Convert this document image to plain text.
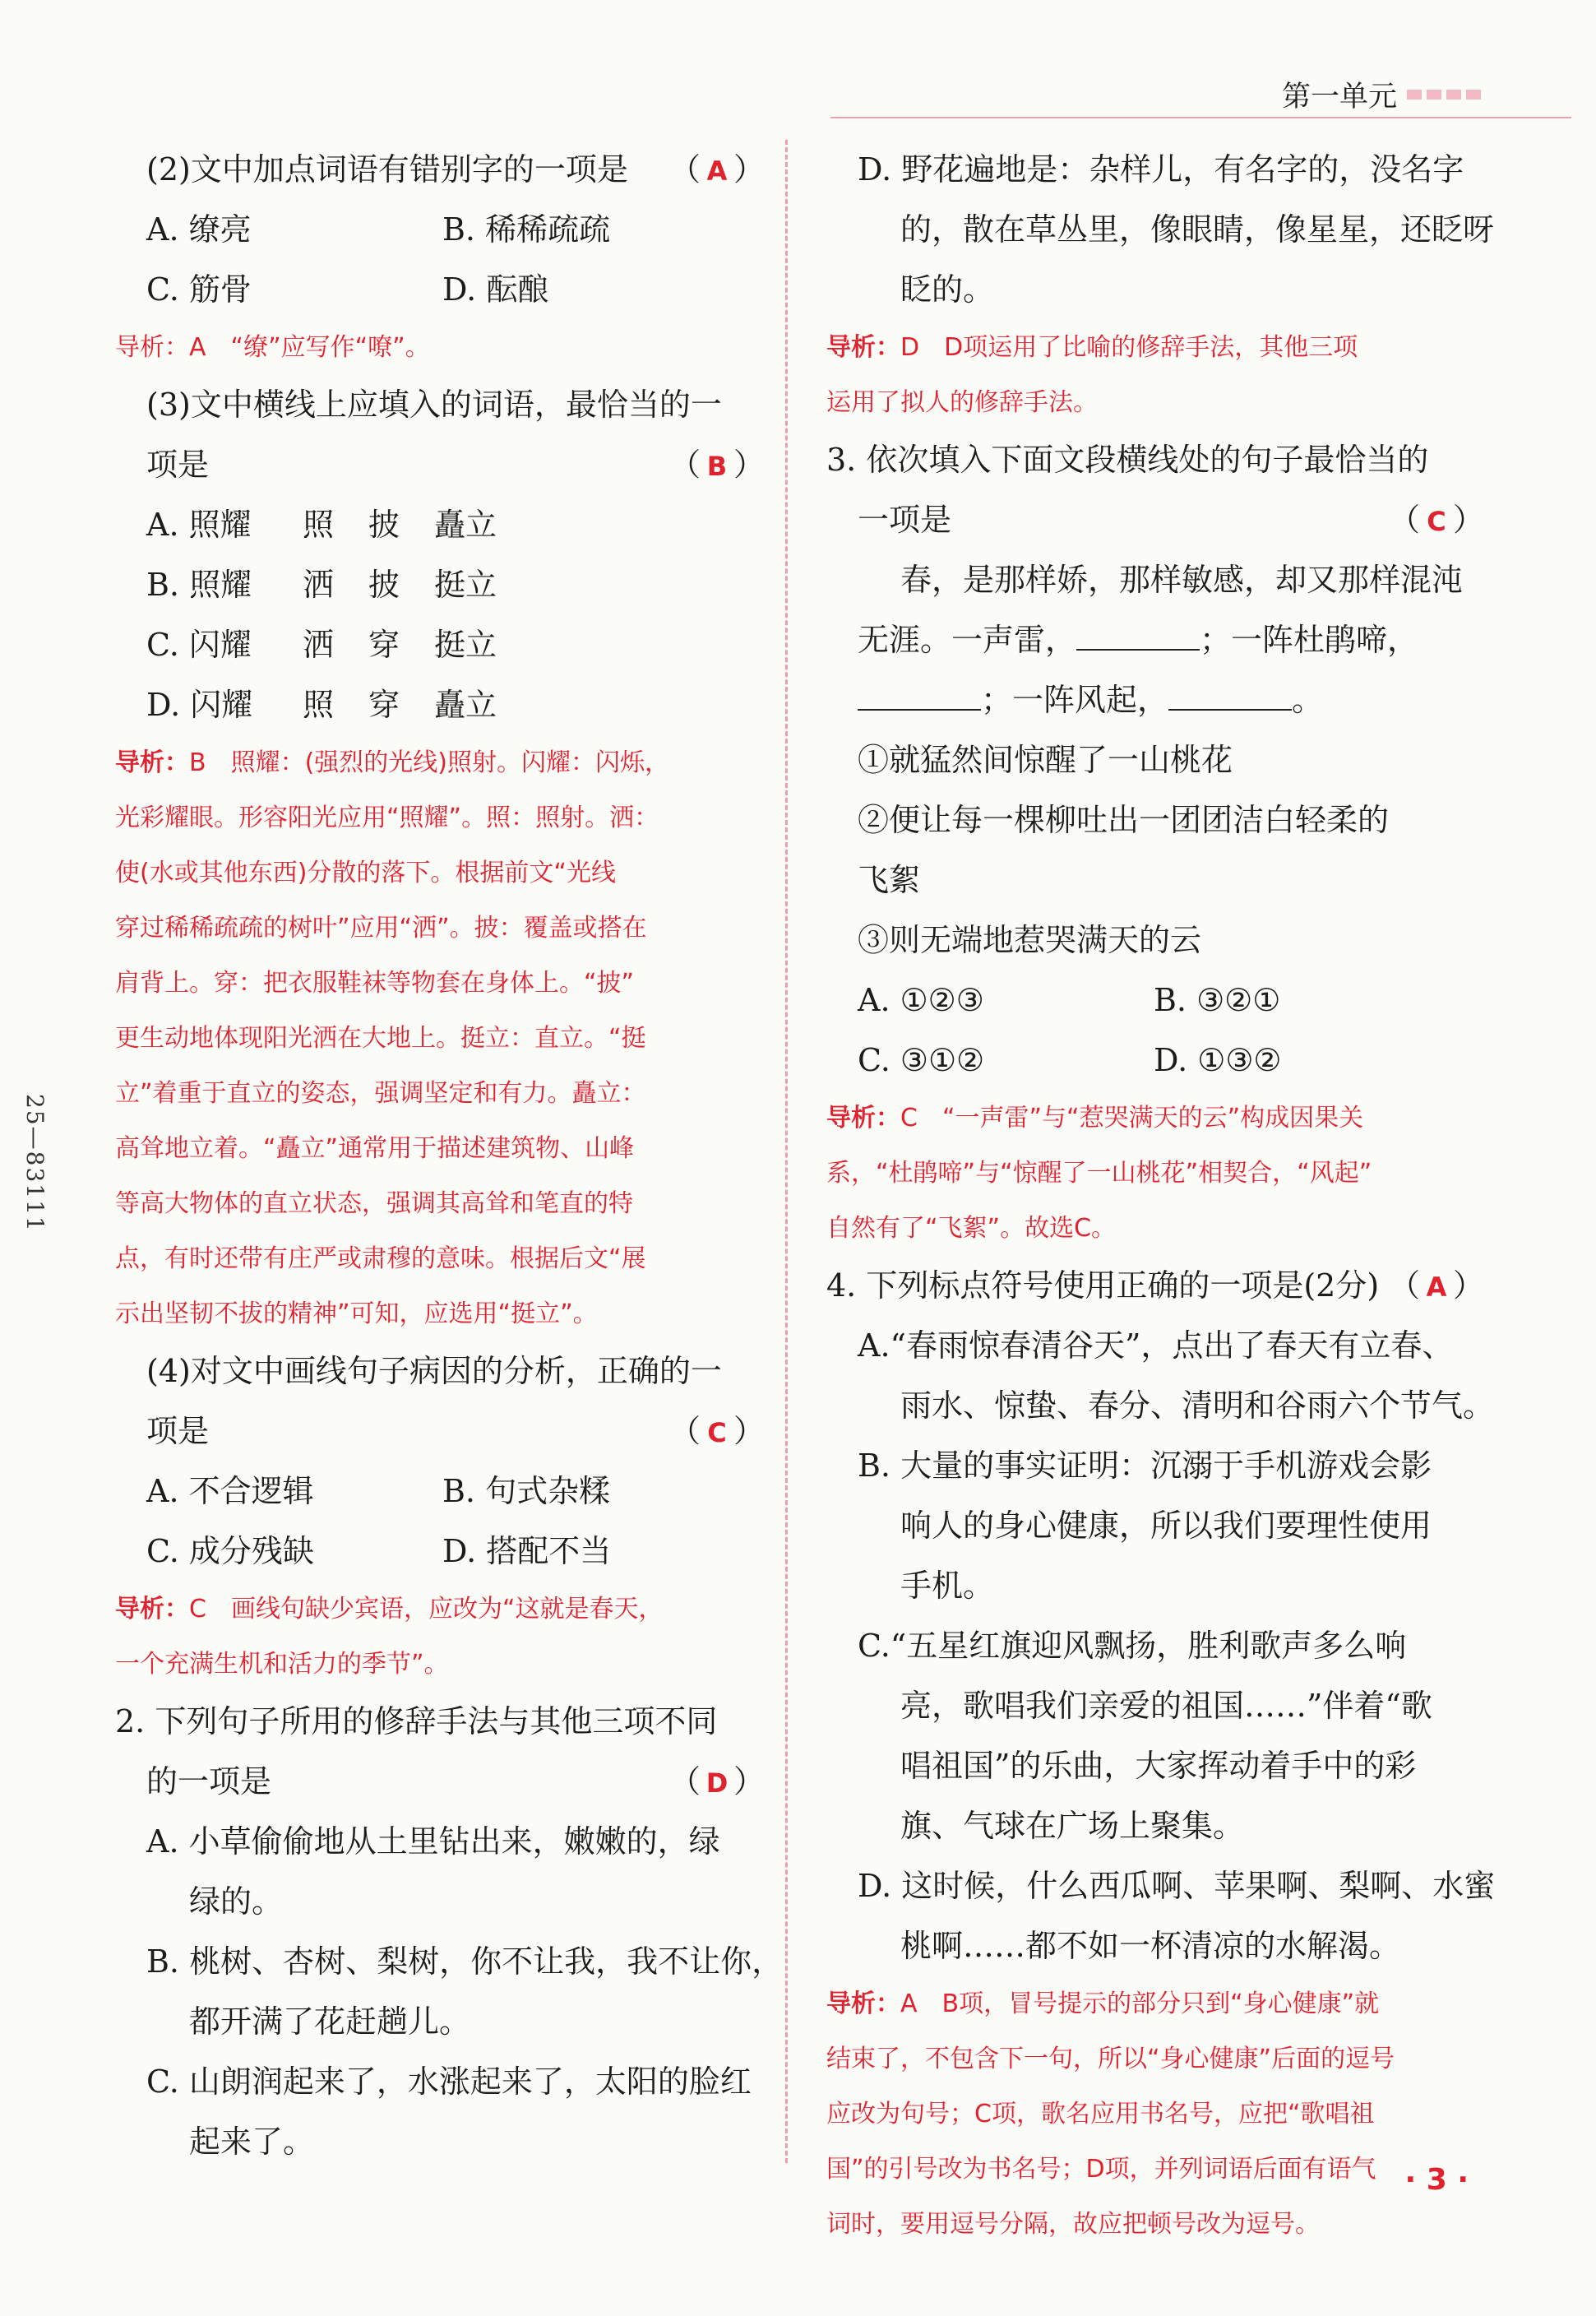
第一单元
25—83111
(2)文中加点词语有错别字的一项是 （ A ）
A. 缭亮	B. 稀稀疏疏
C. 筋骨	D. 酝酿
导析：A　“缭”应写作“嘹”。
(3)文中横线上应填入的词语，最恰当的一
项是	（ B ）
A. 照耀	照	披	矗立
B. 照耀	洒	披	挺立
C. 闪耀	洒	穿	挺立
D. 闪耀	照	穿	矗立
导析：B　照耀：(强烈的光线)照射。闪耀：闪烁，
光彩耀眼。形容阳光应用“照耀”。照：照射。洒：
使(水或其他东西)分散的落下。根据前文“光线
穿过稀稀疏疏的树叶”应用“洒”。披：覆盖或搭在
肩背上。穿：把衣服鞋袜等物套在身体上。“披”
更生动地体现阳光洒在大地上。挺立：直立。“挺
立”着重于直立的姿态，强调坚定和有力。矗立：
高耸地立着。“矗立”通常用于描述建筑物、山峰
等高大物体的直立状态，强调其高耸和笔直的特
点，有时还带有庄严或肃穆的意味。根据后文“展
示出坚韧不拔的精神”可知，应选用“挺立”。
(4)对文中画线句子病因的分析，正确的一
项是	（ C ）
A. 不合逻辑	B. 句式杂糅
C. 成分残缺	D. 搭配不当
导析：C　画线句缺少宾语，应改为“这就是春天，
一个充满生机和活力的季节”。
2. 下列句子所用的修辞手法与其他三项不同
的一项是	（ D ）
A. 小草偷偷地从土里钻出来，嫩嫩的，绿
绿的。
B. 桃树、杏树、梨树，你不让我，我不让你，
都开满了花赶趟儿。
C. 山朗润起来了，水涨起来了，太阳的脸红
起来了。
D. 野花遍地是：杂样儿，有名字的，没名字
的，散在草丛里，像眼睛，像星星，还眨呀
眨的。
导析：D　D项运用了比喻的修辞手法，其他三项
运用了拟人的修辞手法。
3. 依次填入下面文段横线处的句子最恰当的
一项是	（ C ）
春，是那样娇，那样敏感，却又那样混沌
无涯。一声雷，	；一阵杜鹃啼，
；一阵风起，	。
①就猛然间惊醒了一山桃花
②便让每一棵柳吐出一团团洁白轻柔的
飞絮
③则无端地惹哭满天的云
A. ①②③	B. ③②①
C. ③①②	D. ①③②
导析：C　“一声雷”与“惹哭满天的云”构成因果关
系，“杜鹃啼”与“惊醒了一山桃花”相契合，“风起”
自然有了“飞絮”。故选C。
4. 下列标点符号使用正确的一项是(2分) （ A ）
A.“春雨惊春清谷天”，点出了春天有立春、
雨水、惊蛰、春分、清明和谷雨六个节气。
B. 大量的事实证明：沉溺于手机游戏会影
响人的身心健康，所以我们要理性使用
手机。
C.“五星红旗迎风飘扬，胜利歌声多么响
亮，歌唱我们亲爱的祖国……”伴着“歌
唱祖国”的乐曲，大家挥动着手中的彩
旗、气球在广场上聚集。
D. 这时候，什么西瓜啊、苹果啊、梨啊、水蜜
桃啊……都不如一杯清凉的水解渴。
导析：A　B项，冒号提示的部分只到“身心健康”就
结束了，不包含下一句，所以“身心健康”后面的逗号
应改为句号；C项，歌名应用书名号，应把“歌唱祖
国”的引号改为书名号；D项，并列词语后面有语气
词时，要用逗号分隔，故应把顿号改为逗号。
· 3 ·
